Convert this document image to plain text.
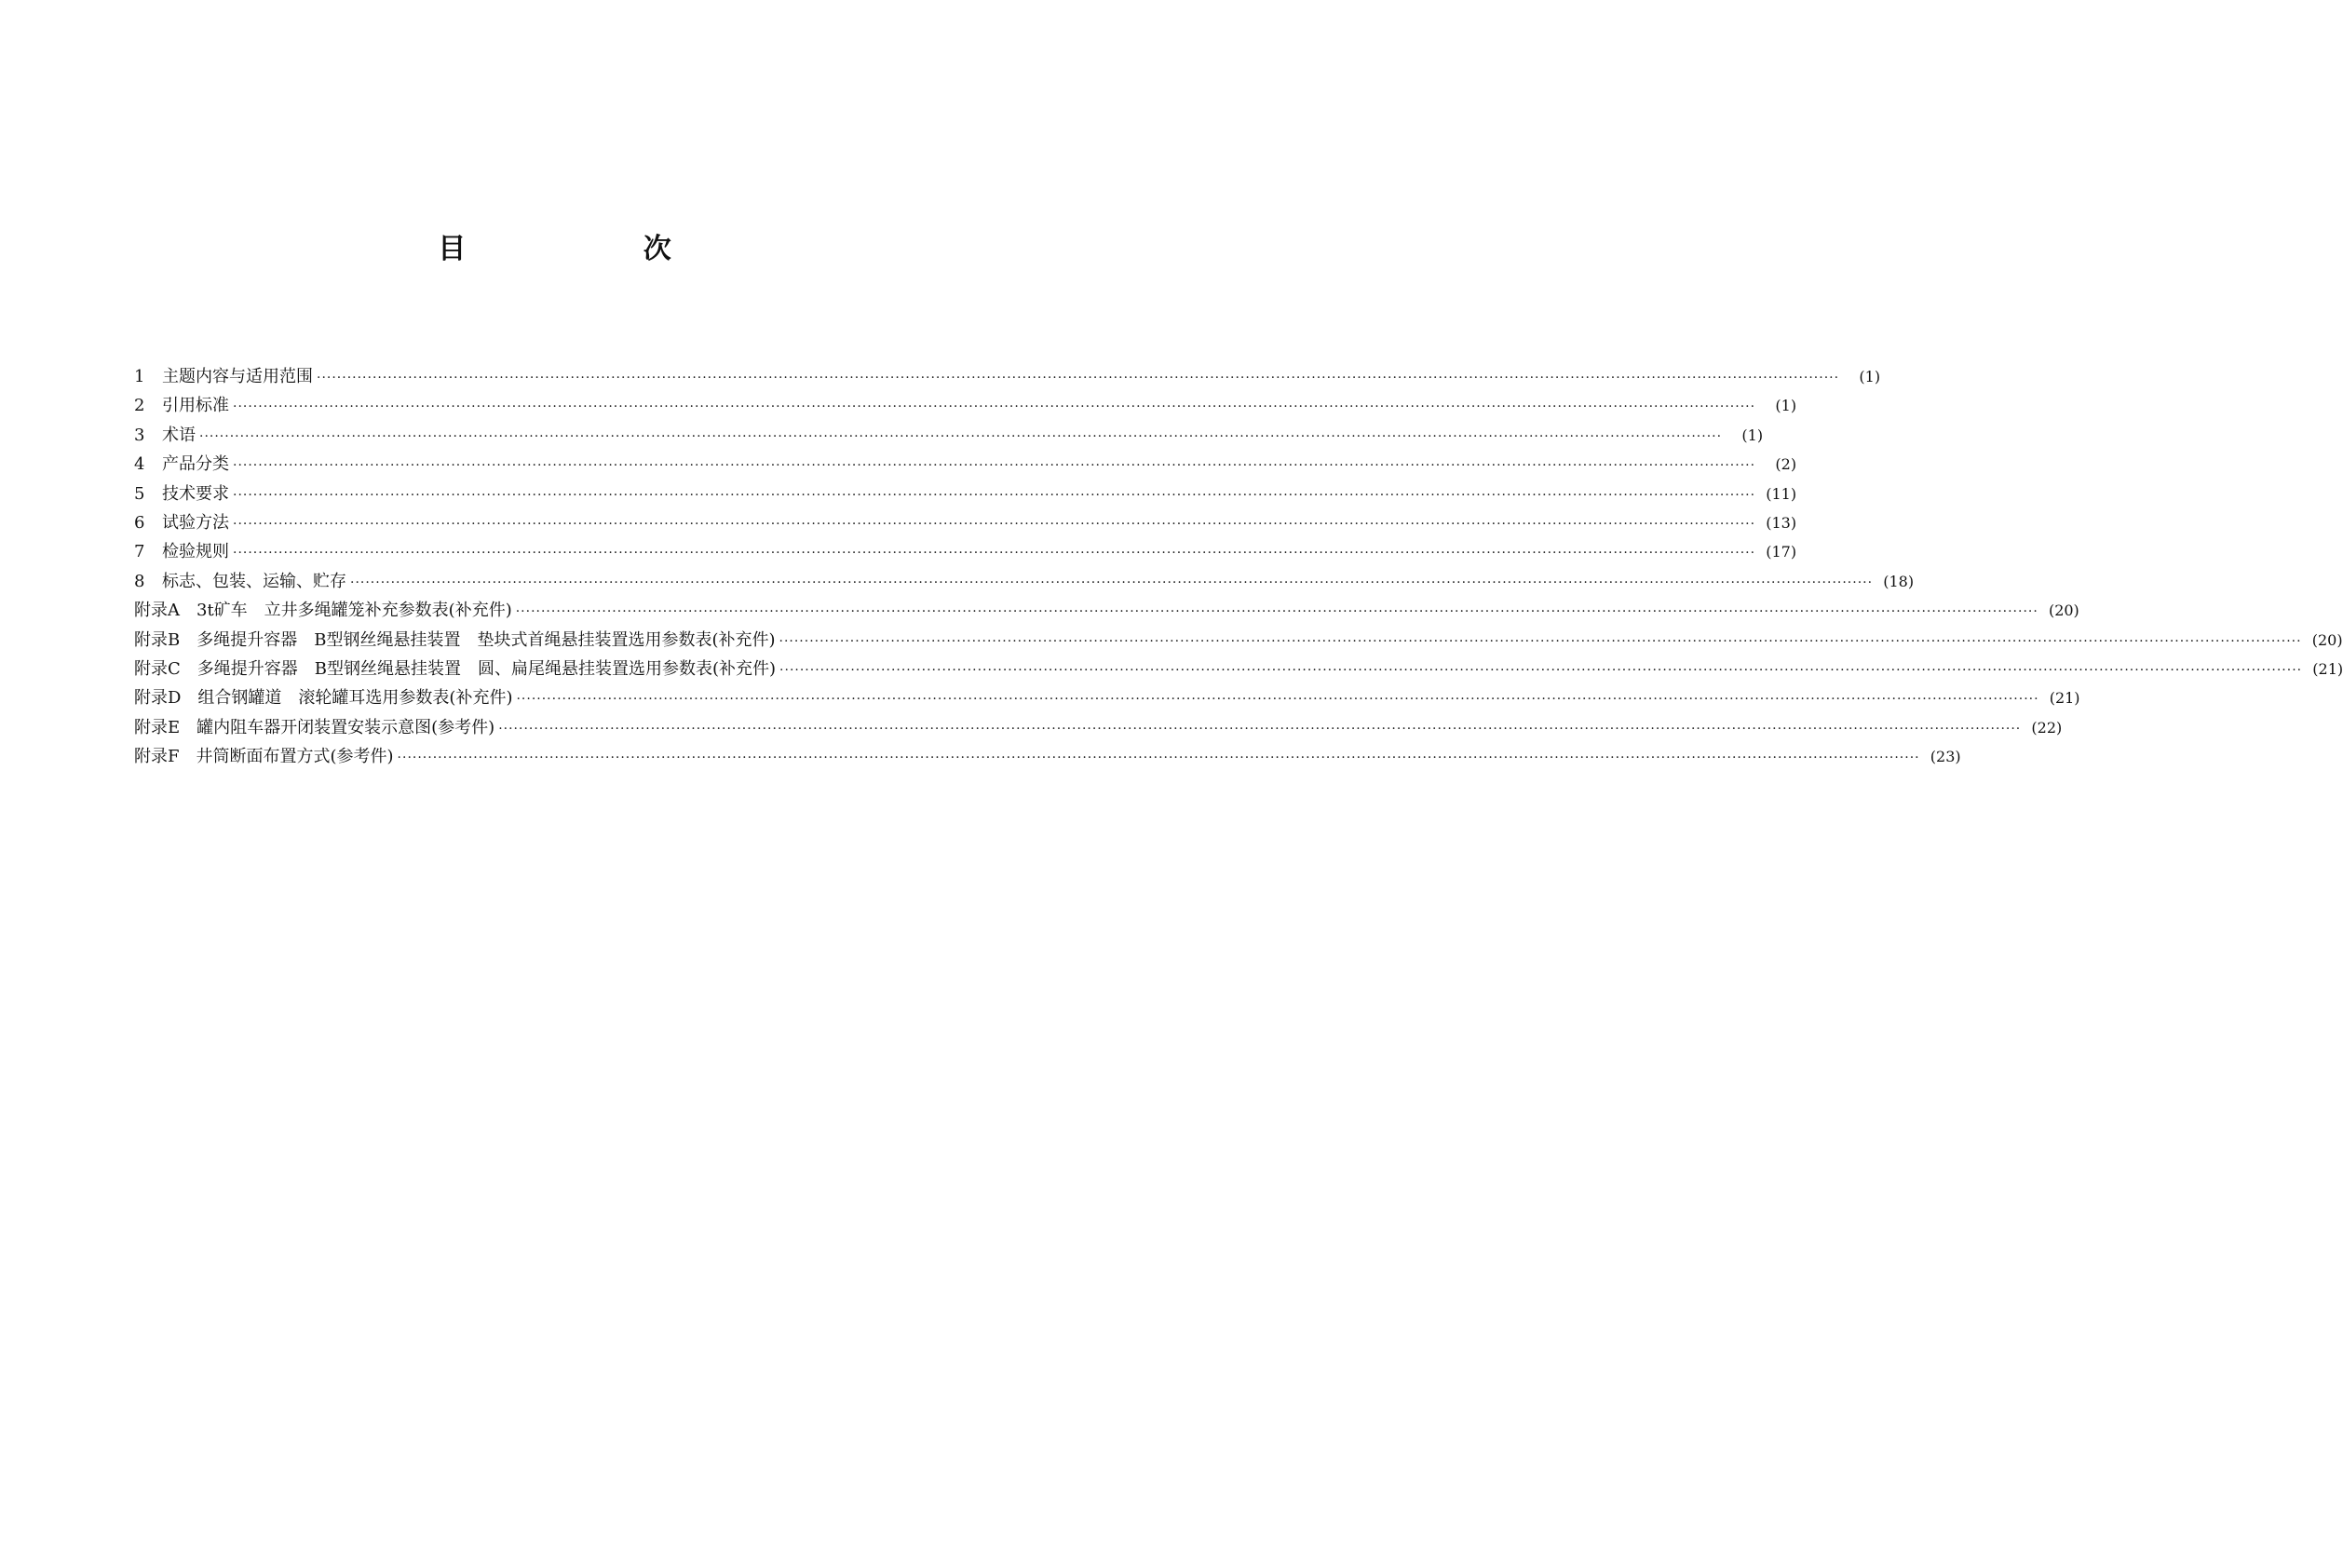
目 次
1	主题内容与适用范围 ············································································································································································································································································································	(1)
2	引用标准 ············································································································································································································································································································	(1)
3	术语 ············································································································································································································································································································	(1)
4	产品分类 ············································································································································································································································································································	(2)
5	技术要求 ············································································································································································································································································································ (11)
6	试验方法 ············································································································································································································································································································ (13)
7	检验规则 ············································································································································································································································································································ (17)
8	标志、包装、运输、贮存 ············································································································································································································································································································ (18)
附录A　3t矿车　立井多绳罐笼补充参数表(补充件) ············································································································································································································································································································ (20)
附录B　多绳提升容器　B型钢丝绳悬挂装置　垫块式首绳悬挂装置选用参数表(补充件) ············································································································································································································································································································ (20)
附录C　多绳提升容器　B型钢丝绳悬挂装置　圆、扁尾绳悬挂装置选用参数表(补充件) ············································································································································································································································································································ (21)
附录D　组合钢罐道　滚轮罐耳选用参数表(补充件) ············································································································································································································································································································ (21)
附录E　罐内阻车器开闭装置安装示意图(参考件) ············································································································································································································································································································ (22)
附录F　井筒断面布置方式(参考件) ············································································································································································································································································································ (23)
